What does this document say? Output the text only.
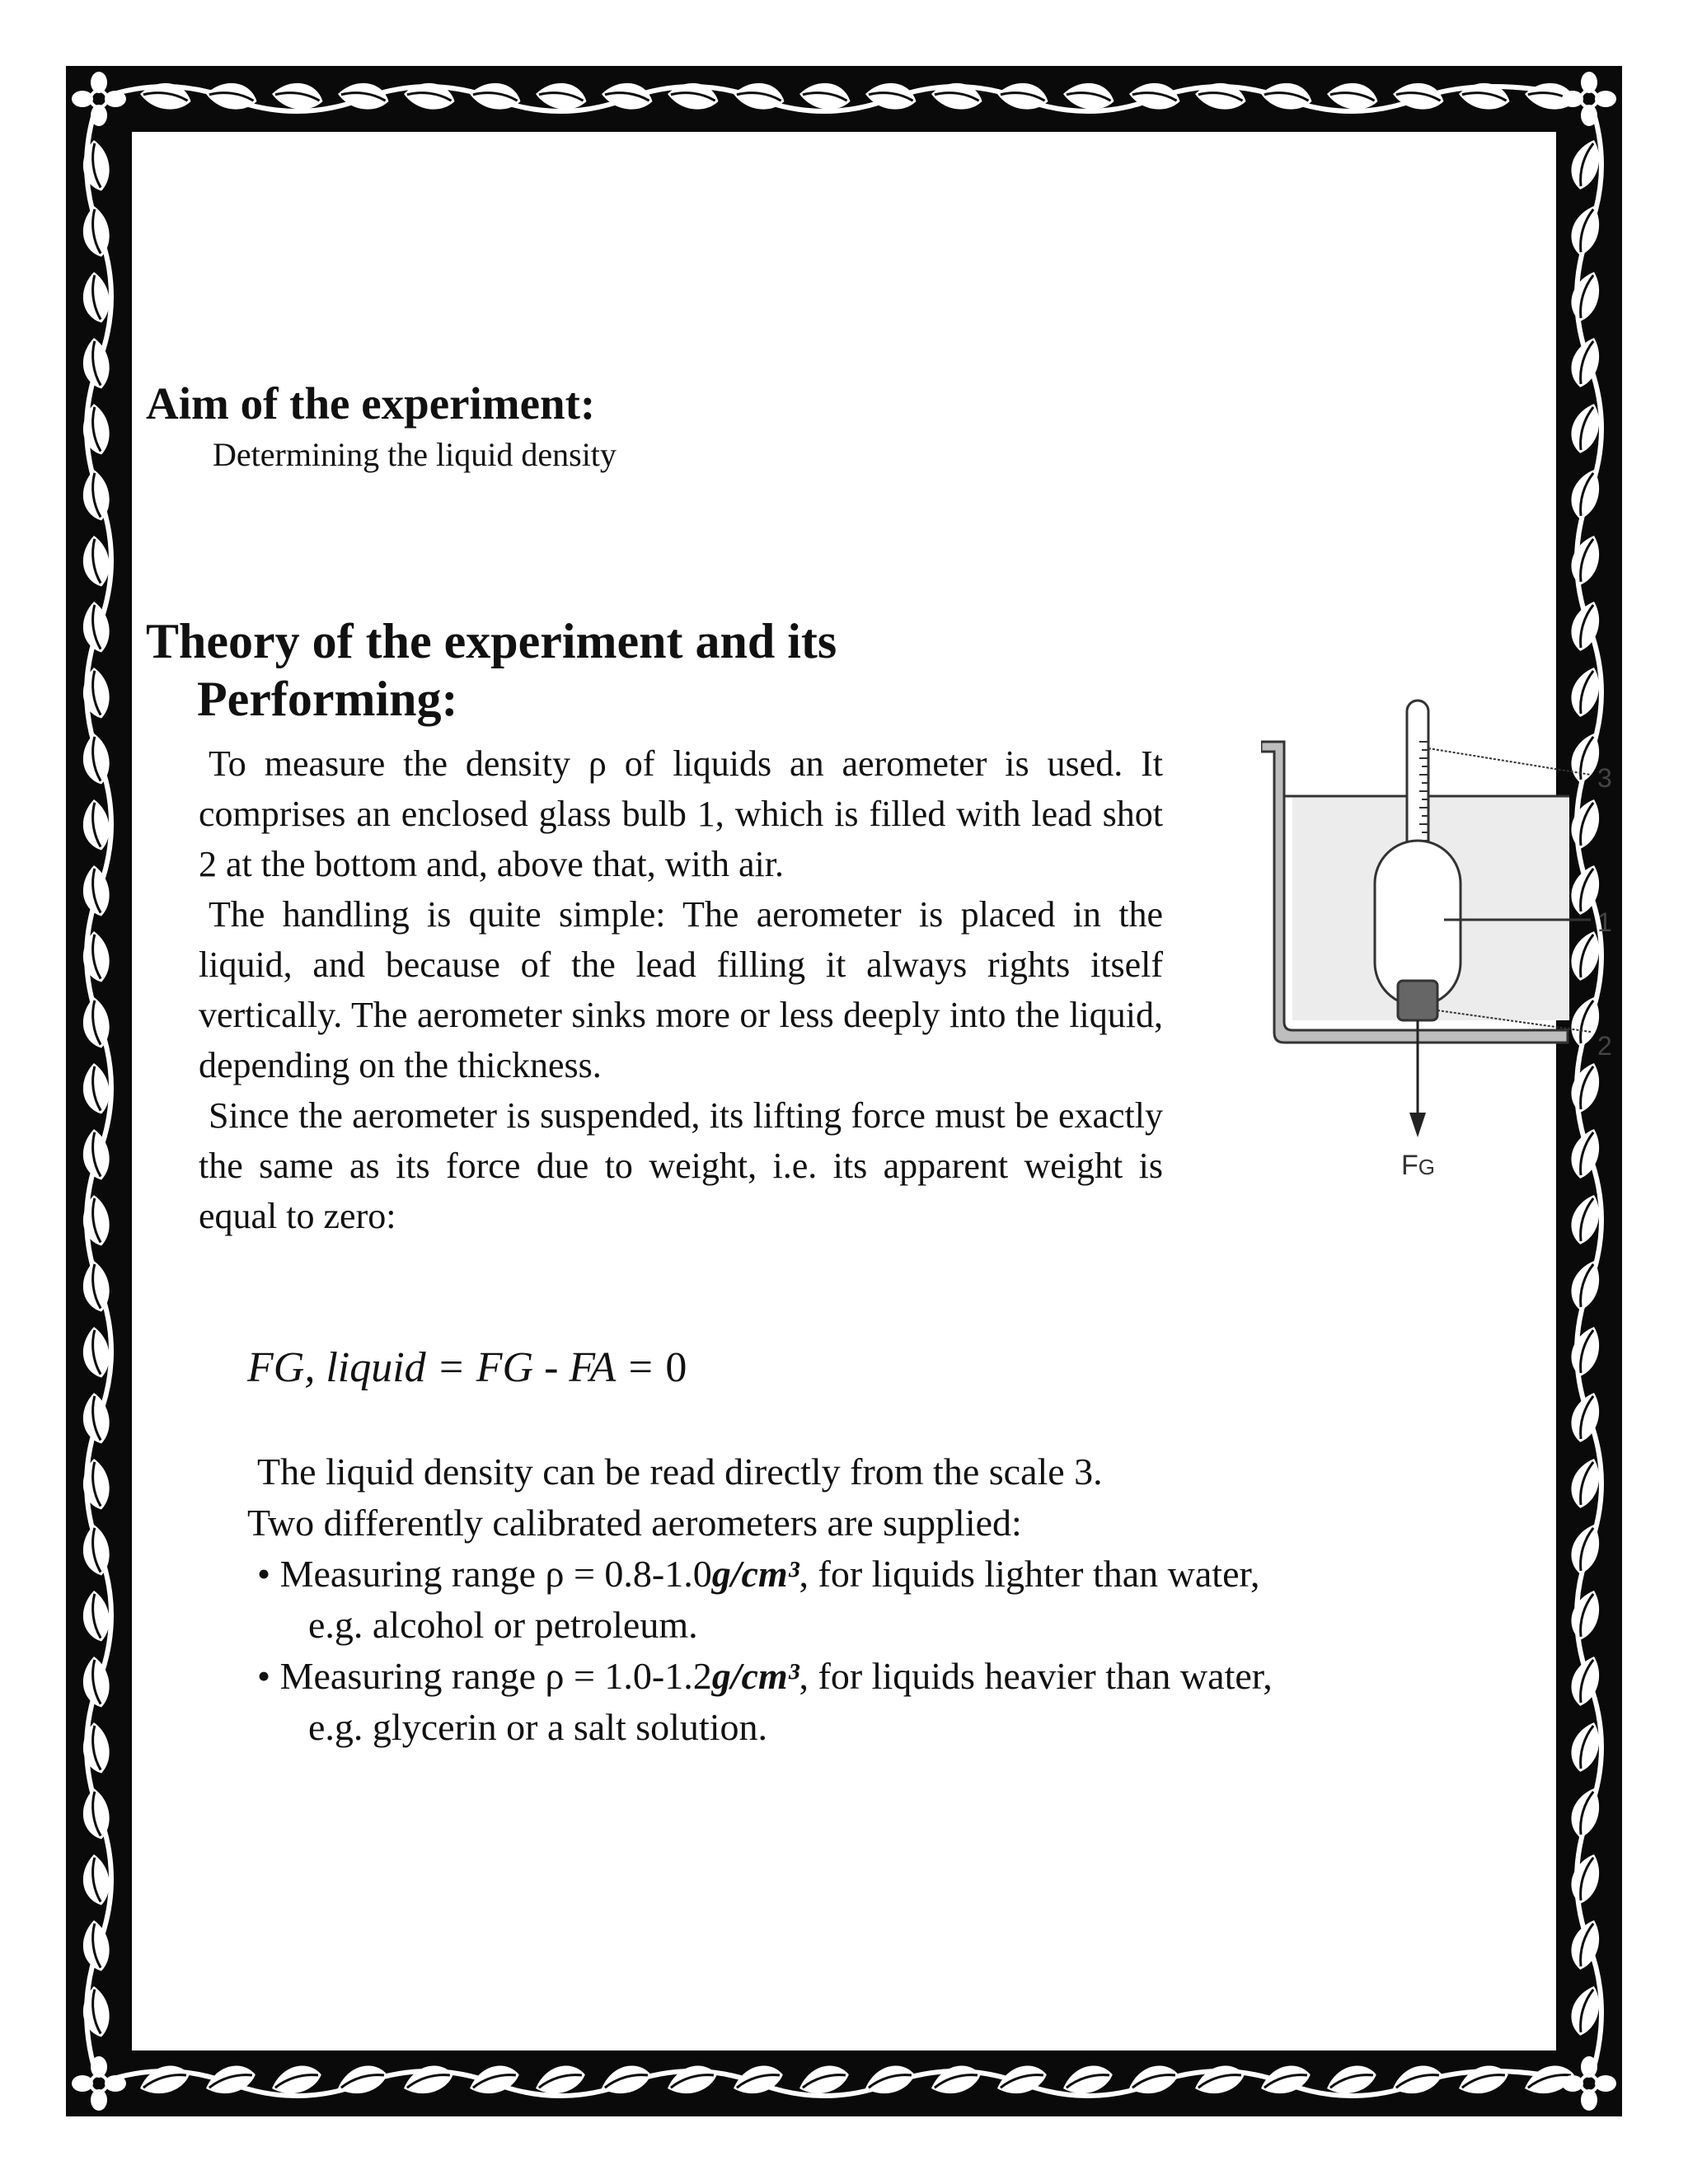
Aim of the experiment:

Determining the liquid density

Theory of the experiment and its
Performing:

To measure the density ρ of liquids an aerometer is used. It comprises an enclosed glass bulb 1, which is filled with lead shot 2 at the bottom and, above that, with air.

The handling is quite simple: The aerometer is placed in the liquid, and because of the lead filling it always rights itself vertically. The aerometer sinks more or less deeply into the liquid, depending on the thickness.

Since the aerometer is suspended, its lifting force must be exactly the same as its force due to weight, i.e. its apparent weight is equal to zero:

FG, liquid = FG - FA = 0

The liquid density can be read directly from the scale 3.

Two differently calibrated aerometers are supplied:

• Measuring range ρ = 0.8-1.0g/cm³, for liquids lighter than water,
e.g. alcohol or petroleum.

• Measuring range ρ = 1.0-1.2g/cm³, for liquids heavier than water,
e.g. glycerin or a salt solution.

3
1
2
FG
